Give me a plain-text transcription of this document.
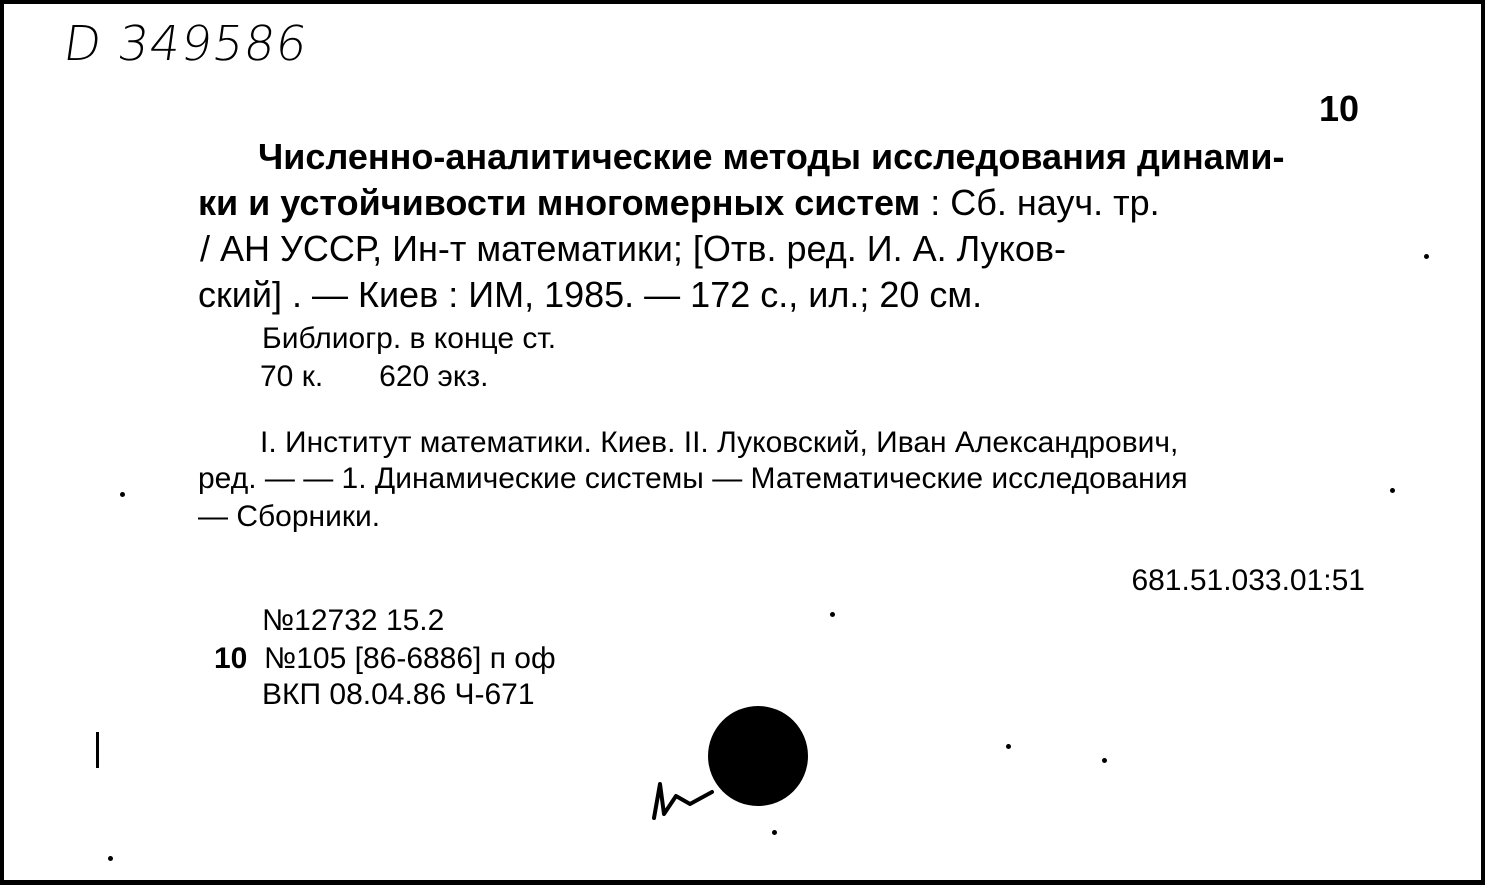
D 349586
10
Численно-аналитические методы исследования динами-
ки и устойчивости многомерных систем : Сб. науч. тр.
/ АН УССР, Ин-т математики; [Отв. ред. И. А. Луков-
ский] . — Киев : ИМ, 1985. — 172 с., ил.; 20 см.
Библиогр. в конце ст.
70 к. 620 экз.
I. Институт математики. Киев. II. Луковский, Иван Александрович,
ред. — — 1. Динамические системы — Математические исследования
— Сборники.
681.51.033.01:51
№12732 15.2
10 №105 [86-6886] п оф
ВКП 08.04.86 Ч-671
